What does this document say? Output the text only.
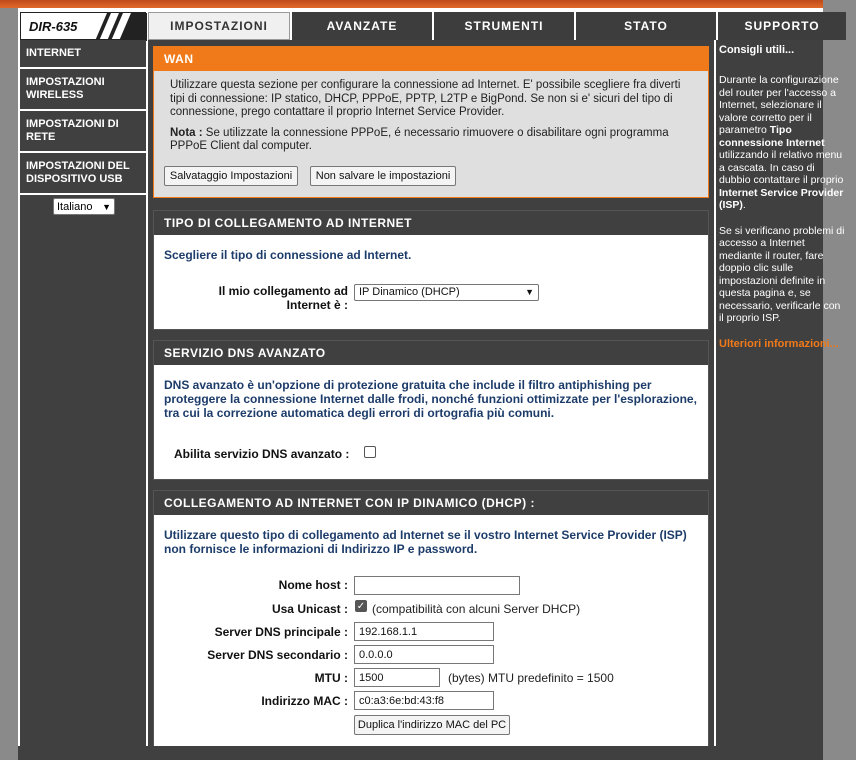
DIR-635	IMPOSTAZIONI	AVANZATE	STRUMENTI	STATO	SUPPORTO
INTERNET
IMPOSTAZIONI WIRELESS
IMPOSTAZIONI DI RETE
IMPOSTAZIONI DEL DISPOSITIVO USB
Italiano ▼
WAN

Utilizzare questa sezione per configurare la connessione ad Internet. E' possibile scegliere fra diverti tipi di connessione: IP statico, DHCP, PPPoE, PPTP, L2TP e BigPond. Se non si e' sicuri del tipo di connessione, prego contattare il proprio Internet Service Provider.

Nota : Se utilizzate la connessione PPPoE, é necessario rimuovere o disabilitare ogni programma PPPoE Client dal computer.

Salvataggio Impostazioni	Non salvare le impostazioni
TIPO DI COLLEGAMENTO AD INTERNET
Scegliere il tipo di connessione ad Internet.
Il mio collegamento ad Internet è :
IP Dinamico (DHCP)	▼
SERVIZIO DNS AVANZATO
DNS avanzato è un'opzione di protezione gratuita che include il filtro antiphishing per proteggere la connessione Internet dalle frodi, nonché funzioni ottimizzate per l'esplorazione, tra cui la correzione automatica degli errori di ortografia più comuni.
Abilita servizio DNS avanzato :
COLLEGAMENTO AD INTERNET CON IP DINAMICO (DHCP) :
Utilizzare questo tipo di collegamento ad Internet se il vostro Internet Service Provider (ISP) non fornisce le informazioni di Indirizzo IP e password.
Nome host :
Usa Unicast : ✓ (compatibilità con alcuni Server DHCP)
Server DNS principale :	192.168.1.1
Server DNS secondario :	0.0.0.0
MTU :	1500	(bytes) MTU predefinito = 1500
Indirizzo MAC :	c0:a3:6e:bd:43:f8
Duplica l'indirizzo MAC del PC
Consigli utili...

Durante la configurazione del router per l'accesso a Internet, selezionare il valore corretto per il parametro Tipo connessione Internet utilizzando il relativo menu a cascata. In caso di dubbio contattare il proprio Internet Service Provider (ISP).

Se si verificano problemi di accesso a Internet mediante il router, fare doppio clic sulle impostazioni definite in questa pagina e, se necessario, verificarle con il proprio ISP.

Ulteriori informazioni...
